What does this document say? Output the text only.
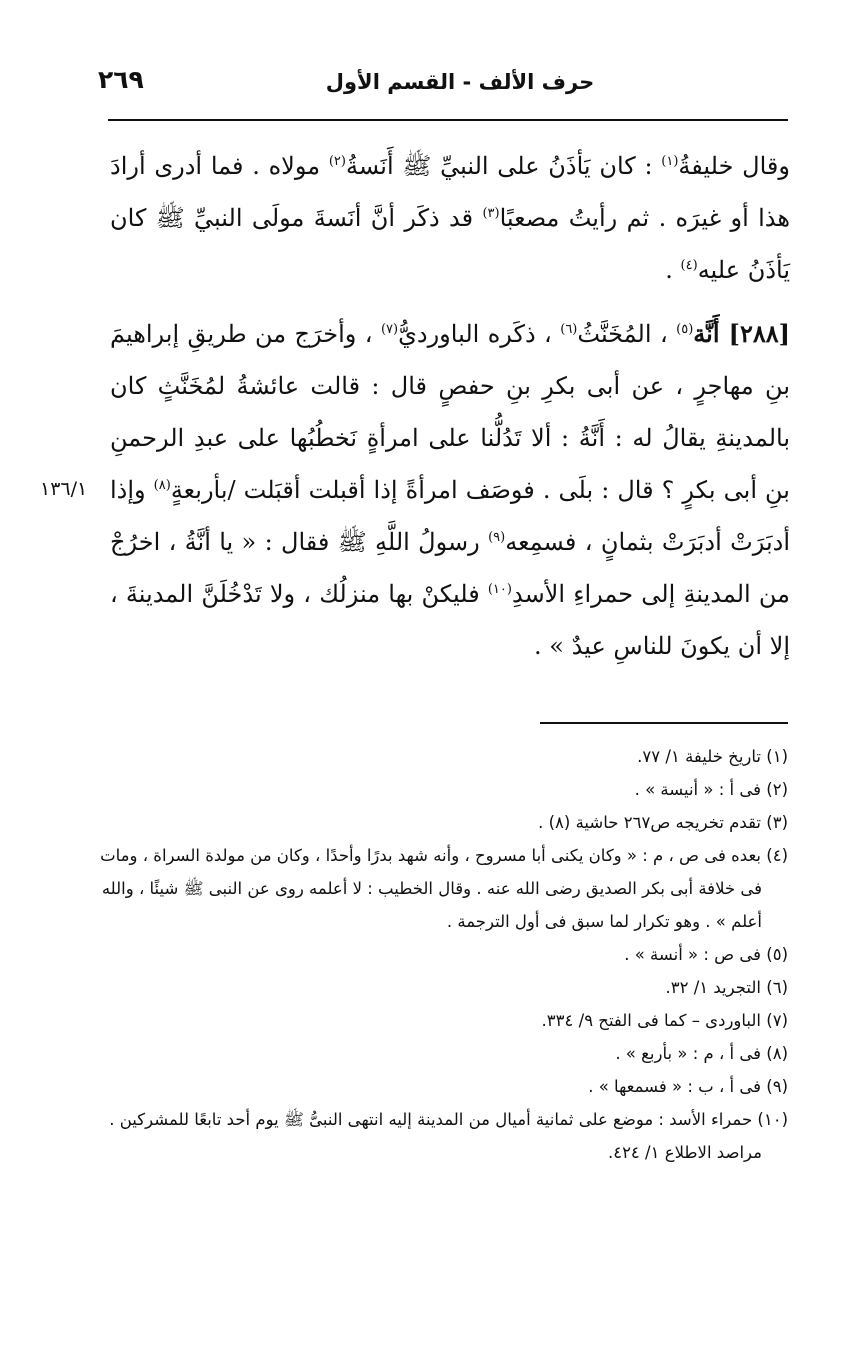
حرف الألف - القسم الأول
٢٦٩

وقال خليفةُ$^{(١)}$ : كان يَأذَنُ على النبيِّ ﷺ أَنَسةُ$^{(٢)}$ مولاه . فما أدرى أرادَ هذا أو غيرَه . ثم رأيتُ مصعبًا$^{(٣)}$ قد ذكَر أنَّ أنَسةَ مولَى النبيِّ ﷺ كان يَأذَنُ عليه$^{(٤)}$ .

[٢٨٨] أَنَّة$^{(٥)}$ ، المُخَنَّثُ$^{(٦)}$ ، ذكَره الباورديُّ$^{(٧)}$ ، وأخرَج من طريقِ إبراهيمَ بنِ مهاجرٍ ، عن أبى بكرِ بنِ حفصٍ قال : قالت عائشةُ لمُخَنَّثٍ كان بالمدينةِ يقالُ له : أَنَّةُ : ألا تَدُلُّنا على امرأةٍ نَخطُبُها على عبدِ الرحمنِ بنِ أبى بكرٍ ؟ قال : بلَى . فوصَف امرأةً إذا أقبلت أقبَلت /بأربعةٍ$^{(٨)}$ وإذا أدبَرَتْ أدبَرَتْ بثمانٍ ، فسمِعه$^{(٩)}$ رسولُ اللَّهِ ﷺ فقال : « يا أنَّةُ ، اخرُجْ من المدينةِ إلى حمراءِ الأسدِ$^{(١٠)}$ فليكنْ بها منزلُك ، ولا تَدْخُلَنَّ المدينةَ ، إلا أن يكونَ للناسِ عيدٌ » .

١٣٦/١

(١) تاريخ خليفة ١/ ٧٧.

(٢) فى أ : « أنيسة » .

(٣) تقدم تخريجه ص٢٦٧ حاشية (٨) .

(٤) بعده فى ص ، م : « وكان يكنى أبا مسروح ، وأنه شهد بدرًا وأحدًا ، وكان من مولدة السراة ، ومات

فى خلافة أبى بكر الصديق رضى الله عنه . وقال الخطيب : لا أعلمه روى عن النبى ﷺ شيئًا ، والله

أعلم » . وهو تكرار لما سبق فى أول الترجمة .

(٥) فى ص : « أنسة » .

(٦) التجريد ١/ ٣٢.

(٧) الباوردى – كما فى الفتح ٩/ ٣٣٤.

(٨) فى أ ، م : « بأربع » .

(٩) فى أ ، ب : « فسمعها » .

(١٠) حمراء الأسد : موضع على ثمانية أميال من المدينة إليه انتهى النبىُّ ﷺ يوم أحد تابعًا للمشركين .

مراصد الاطلاع ١/ ٤٢٤.
